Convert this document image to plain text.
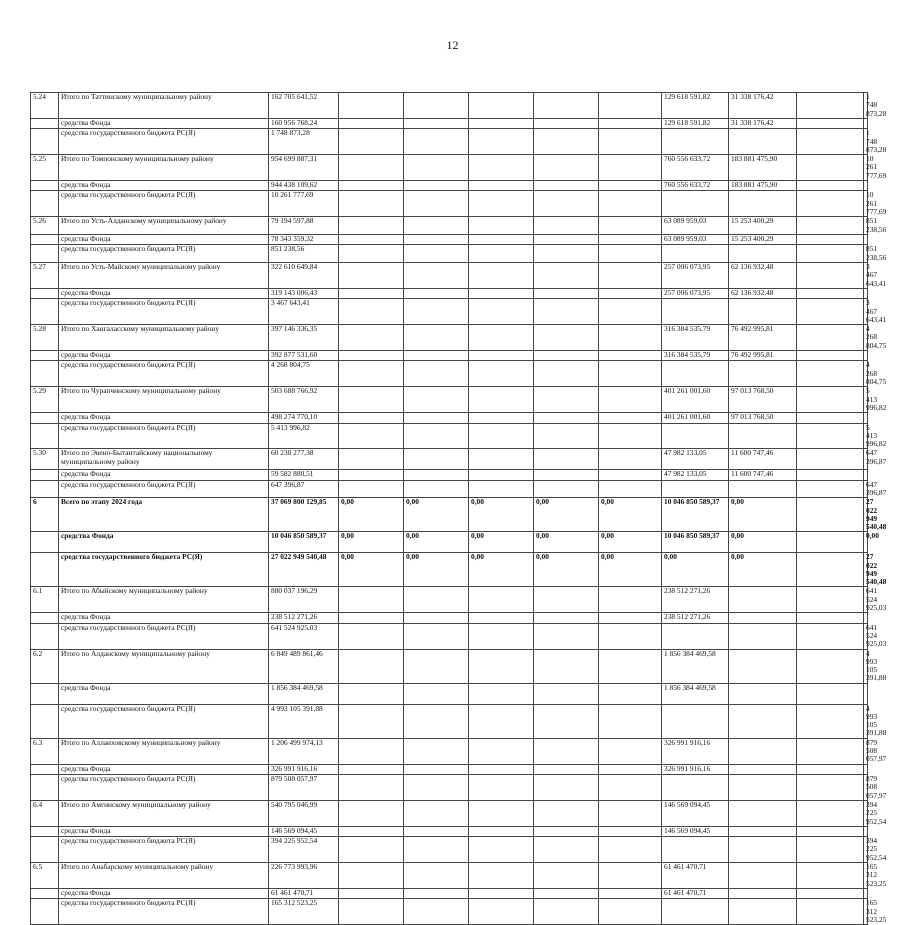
12
5.24	Итого по Таттинскому муниципальному району	162 705 641,52						129 618 591,82	31 338 176,42		1 748 873,28
	средства Фонда	160 956 768,24						129 618 591,82	31 338 176,42		
	средства государственного бюджета РС(Я)	1 748 873,28									1 748 873,28
5.25	Итого по Томпонскому муниципальному району	954 699 887,31						760 556 633,72	183 881 475,90		10 261 777,69
	средства Фонда	944 438 109,62						760 556 633,72	183 881 475,90		
	средства государственного бюджета РС(Я)	10 261 777,69									10 261 777,69
5.26	Итого по Усть-Алданскому муниципальному району	79 194 597,88						63 089 959,03	15 253 400,29		851 238,56
	средства Фонда	78 343 359,32						63 089 959,03	15 253 400,29		
	средства государственного бюджета РС(Я)	851 238,56									851 238,56
5.27	Итого по Усть-Майскому муниципальному району	322 610 649,84						257 006 073,95	62 136 932,48		3 467 643,41
	средства Фонда	319 143 006,43						257 006 073,95	62 136 932,48		
	средства государственного бюджета РС(Я)	3 467 643,41									3 467 643,41
5.28	Итого по Хангаласскому муниципальному району	397 146 336,35						316 384 535,79	76 492 995,81		4 268 804,75
	средства Фонда	392 877 531,60						316 384 535,79	76 492 995,81		
	средства государственного бюджета РС(Я)	4 268 804,75									4 268 804,75
5.29	Итого по Чурапчинскому муниципальному району	503 688 766,92						401 261 001,60	97 013 768,50		5 413 996,82
	средства Фонда	498 274 770,10						401 261 001,60	97 013 768,50		
	средства государственного бюджета РС(Я)	5 413 996,82									5 413 996,82
5.30	Итого по Эвено-Бытантайскому национальному муниципальному району	60 230 277,38						47 982 133,05	11 600 747,46		647 396,87
	средства Фонда	59 582 880,51						47 982 133,05	11 600 747,46		
	средства государственного бюджета РС(Я)	647 396,87									647 396,87
6	Всего по этапу 2024 года	37 069 800 129,85	0,00	0,00	0,00	0,00	0,00	10 046 850 589,37	0,00		27 022 949 540,48
	средства Фонда	10 046 850 589,37	0,00	0,00	0,00	0,00	0,00	10 046 850 589,37	0,00		0,00
	средства государственного бюджета РС(Я)	27 022 949 540,48	0,00	0,00	0,00	0,00	0,00	0,00	0,00		27 022 949 540,48
6.1	Итого по Абыйскому муниципальному району	880 037 196,29						238 512 271,26			641 524 925,03
	средства Фонда	238 512 271,26						238 512 271,26			
	средства государственного бюджета РС(Я)	641 524 925,03									641 524 925,03
6.2	Итого по Алданскому муниципальному району	6 849 489 861,46						1 856 384 469,58			4 993 105 391,88
	средства Фонда	1 856 384 469,58						1 856 384 469,58			
	средства государственного бюджета РС(Я)	4 993 105 391,88									4 993 105 391,88
6.3	Итого по Аллаиховскому муниципальному району	1 206 499 974,13						326 991 916,16			879 508 057,97
	средства Фонда	326 991 916,16						326 991 916,16			
	средства государственного бюджета РС(Я)	879 508 057,97									879 508 057,97
6.4	Итого по Амгинскому муниципальному району	540 795 046,99						146 569 094,45			394 225 952,54
	средства Фонда	146 569 094,45						146 569 094,45			
	средства государственного бюджета РС(Я)	394 225 952,54									394 225 952,54
6.5	Итого по Анабарскому муниципальному району	226 773 993,96						61 461 470,71			165 312 523,25
	средства Фонда	61 461 470,71						61 461 470,71			
	средства государственного бюджета РС(Я)	165 312 523,25									165 312 523,25
